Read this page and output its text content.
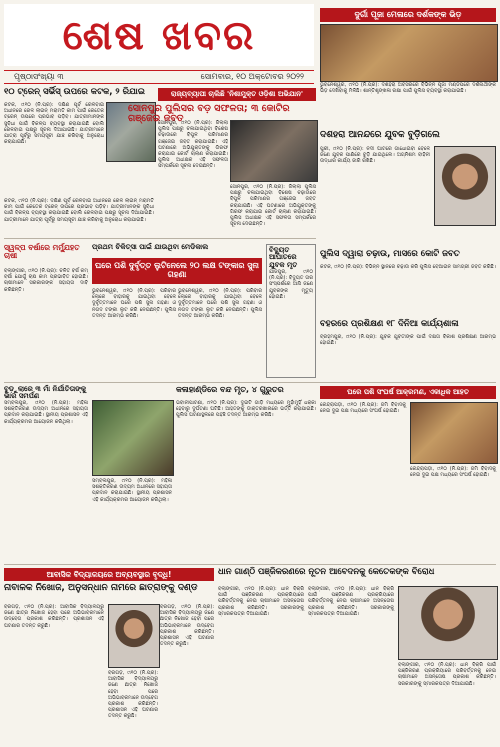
ଶେଷ ଖବର
ପୃଷ୍ଠାସଂଖ୍ୟା ୩	ସୋମବାର, ୧୦ ଅକ୍ଟୋବର ୨୦୨୨
ଦୁର୍ଗା ପୂଜା ମେଳାରେ ଦର୍ଶକଙ୍କ ଭିଡ଼
ଭୁବନେଶ୍ୱର, ୯ା୧୦ (ନି.ପ୍ର): ଦଶହରା ଅବସରରେ ବିଭିନ୍ନ ପୂଜା ମଣ୍ଡପରେ ଦର୍ଶନାର୍ଥୀଙ୍କ ଭିଡ଼ ଦେଖିବାକୁ ମିଳିଛି। ଶାନ୍ତିଶୃଙ୍ଖଳା ରକ୍ଷା ପାଇଁ ପୁଲିସ ବ୍ୟବସ୍ଥା କରାଯାଇଛି।
ଦଶହରା ଆନନ୍ଦରେ ଯୁବକ ବୁଡ଼ିଗଲେ
ପୁରୀ, ୯ା୧୦ (ନି.ପ୍ର): ନଦୀ ଘାଟରେ ଗାଧୋଇବା ବେଳେ ଜଣେ ଯୁବକ ପାଣିରେ ବୁଡ଼ି ଯାଇଥିଲେ। ଅଗ୍ନିଶମ ବାହିନୀ ଉଦ୍ଧାର କାର୍ଯ୍ୟ ଜାରି ରଖିଛି।
ପୁଲିସ ଦ୍ୱାରା ଚଢ଼ାଉ, ମାସରେ କୋଟି ଜବତ
କଟକ, ୯ା୧୦ (ନି.ପ୍ର): ବିଭିନ୍ନ ସ୍ଥାନରେ ଚଢ଼ାଉ କରି ପୁଲିସ ବେଆଇନ ସାମଗ୍ରୀ ଜବତ କରିଛି।
ବହରରେ ପ୍ରଶିକ୍ଷଣ ୧୮ ଦିନିଆ କାର୍ଯ୍ୟଶାଳା
ବ୍ରହ୍ମପୁର, ୯ା୧୦ (ନି.ପ୍ର): ଯୁବକ ଯୁବତୀଙ୍କ ପାଇଁ ଦକ୍ଷତା ବିକାଶ ପ୍ରଶିକ୍ଷଣ ଆରମ୍ଭ ହୋଇଛି।
୧୦ ଟ୍ରେନ୍ ସର୍ଭିସ୍ ଉପରେ କଟକ, ୨ ରିଯାଇ
କଟକ, ୯ା୧୦ (ନି.ପ୍ର): ଦକ୍ଷିଣ ପୂର୍ବ ରେଳବାଇ ଅଧୀନରେ ରେଳ ଲାଇନ୍ ମରାମତି କାମ ପାଇଁ କେତେକ ଟ୍ରେନ୍ ଉପରେ ପ୍ରଭାବ ପଡ଼ିବ। ଯାତ୍ରୀମାନଙ୍କ ସୁବିଧା ପାଇଁ ବିକଳ୍ପ ବ୍ୟବସ୍ଥା କରାଯାଇଛି ବୋଲି ରେଳବାଇ ପକ୍ଷରୁ ସୂଚନା ଦିଆଯାଇଛି। ଯାତ୍ରୀମାନେ ଯାତ୍ରା ପୂର୍ବରୁ ସମୟସୂଚୀ ଯାଞ୍ଚ କରିବାକୁ ଅନୁରୋଧ କରାଯାଇଛି।
ରାଜ୍ୟବ୍ୟାପୀ ଚାଲିଛି 'ନିଶାମୁକ୍ତ ଓଡ଼ିଶା ଅଭିଯାନ'
ସୋନପୁର ପୁଲିସର ବଡ଼ ସଫଳତା; ୩ କୋଟିର ଗଞ୍ଜେଇ ଜବତ
ସୋନପୁର, ୯ା୧୦ (ନି.ପ୍ର): ଜିଲ୍ଲା ପୁଲିସ ପକ୍ଷରୁ ଚଳାଯାଇଥିବା ବିଶେଷ ଚଢ଼ାଉରେ ବିପୁଳ ପରିମାଣର ଗଞ୍ଜେଇ ଜବତ କରାଯାଇଛି। ଏହି ଘଟଣାରେ ଅଭିଯୁକ୍ତଙ୍କୁ ଗିରଫ କରାଯାଇ କୋର୍ଟ ଚାଲାଣ କରାଯାଇଛି। ପୁଲିସ ଅଧୀକ୍ଷକ ଏହି ସଫଳତା ସମ୍ପର୍କରେ ସୂଚନା ଦେଇଛନ୍ତି।
ସୋନପୁର, ୯ା୧୦ (ନି.ପ୍ର): ଜିଲ୍ଲା ପୁଲିସ ପକ୍ଷରୁ ଚଳାଯାଇଥିବା ବିଶେଷ ଚଢ଼ାଉରେ ବିପୁଳ ପରିମାଣର ଗଞ୍ଜେଇ ଜବତ କରାଯାଇଛି। ଏହି ଘଟଣାରେ ଅଭିଯୁକ୍ତଙ୍କୁ ଗିରଫ କରାଯାଇ କୋର୍ଟ ଚାଲାଣ କରାଯାଇଛି। ପୁଲିସ ଅଧୀକ୍ଷକ ଏହି ସଫଳତା ସମ୍ପର୍କରେ ସୂଚନା ଦେଇଛନ୍ତି।
କଟକ, ୯ା୧୦ (ନି.ପ୍ର): ଦକ୍ଷିଣ ପୂର୍ବ ରେଳବାଇ ଅଧୀନରେ ରେଳ ଲାଇନ୍ ମରାମତି କାମ ପାଇଁ କେତେକ ଟ୍ରେନ୍ ଉପରେ ପ୍ରଭାବ ପଡ଼ିବ। ଯାତ୍ରୀମାନଙ୍କ ସୁବିଧା ପାଇଁ ବିକଳ୍ପ ବ୍ୟବସ୍ଥା କରାଯାଇଛି ବୋଲି ରେଳବାଇ ପକ୍ଷରୁ ସୂଚନା ଦିଆଯାଇଛି। ଯାତ୍ରୀମାନେ ଯାତ୍ରା ପୂର୍ବରୁ ସମୟସୂଚୀ ଯାଞ୍ଚ କରିବାକୁ ଅନୁରୋଧ କରାଯାଇଛି।
ସ୍ୱଳ୍ପ ବର୍ଷାରେ ମର୍ମ୍ଯୁହତ ଚାଷୀ
ବଲାଙ୍ଗୀର, ୯ା୧୦ (ନି.ପ୍ର): ଚଳିତ ବର୍ଷ କମ୍ ବର୍ଷା ଯୋଗୁଁ ଚାଷ କାମ ପ୍ରଭାବିତ ହୋଇଛି। ଚାଷୀମାନେ ସରକାରଙ୍କ ସହାୟତା ଦାବି କରିଛନ୍ତି।
ପ୍ରଥମ ଚିକିତ୍ସା ପାଇଁ ଯାଉଥିବା ମେଡିକାଲ
ଘରେ ପଶି ଦୁର୍ବୃତ୍ତ ଲୁଟିନେଲେ ୨୦ ଲକ୍ଷ ଟଙ୍କାର ସୁନା ଗହଣା
ଭୁବନେଶ୍ୱର, ୯ା୧୦ (ନି.ପ୍ର): ପରିବାର ଲୋକେ ବାହାରକୁ ଯାଇଥିବା ବେଳେ ଦୁର୍ବୃତ୍ତମାନେ ଘରେ ପଶି ସୁନା ଗହଣା ଓ ନଗଦ ଟଙ୍କା ଲୁଟ କରି ନେଇଛନ୍ତି। ପୁଲିସ ତଦନ୍ତ ଆରମ୍ଭ କରିଛି।
ଭୁବନେଶ୍ୱର, ୯ା୧୦ (ନି.ପ୍ର): ପରିବାର ଲୋକେ ବାହାରକୁ ଯାଇଥିବା ବେଳେ ଦୁର୍ବୃତ୍ତମାନେ ଘରେ ପଶି ସୁନା ଗହଣା ଓ ନଗଦ ଟଙ୍କା ଲୁଟ କରି ନେଇଛନ୍ତି। ପୁଲିସ ତଦନ୍ତ ଆରମ୍ଭ କରିଛି।
ବିଦ୍ୟୁତ ଆଘାତରେ ଯୁବକ ମୃତ
ଯାଜପୁର, ୯ା୧୦ (ନି.ପ୍ର): ବିଦ୍ୟୁତ ତାର ସଂସ୍ପର୍ଶରେ ଆସି ଜଣେ ଯୁବକଙ୍କ ମୃତ୍ୟୁ ହୋଇଛି।
ବୁଡ଼ୁଲାରେ ୩ ମାଁ ନିର୍ଯାତିତାଙ୍କୁ ଭାର ସମର୍ପଣ
ସମ୍ବଲପୁର, ୯ା୧୦ (ନି.ପ୍ର): ମହିଳା ସଶକ୍ତିକରଣ ଉଦ୍ୟମ ଅଧୀନରେ ସହାୟତା ପ୍ରଦାନ କରାଯାଇଛି। ସ୍ଥାନୀୟ ପ୍ରଶାସନ ଏହି କାର୍ଯ୍ୟକ୍ରମର ଆୟୋଜନ କରିଥିଲା।
ସମ୍ବଲପୁର, ୯ା୧୦ (ନି.ପ୍ର): ମହିଳା ସଶକ୍ତିକରଣ ଉଦ୍ୟମ ଅଧୀନରେ ସହାୟତା ପ୍ରଦାନ କରାଯାଇଛି। ସ୍ଥାନୀୟ ପ୍ରଶାସନ ଏହି କାର୍ଯ୍ୟକ୍ରମର ଆୟୋଜନ କରିଥିଲା।
କଳାହାଣ୍ଡିରେ ବନ୍ଦ ମୃତ, ୪ ଗୁରୁତର
ଭବାନୀପାଟଣା, ୯ା୧୦ (ନି.ପ୍ର): ଦୁଇଟି ଗାଡ଼ି ମଧ୍ୟରେ ମୁହାଁମୁହିଁ ଧକ୍କା ହେବାରୁ ଦୁର୍ଘଟଣା ଘଟିଛି। ଆହତଙ୍କୁ ଡାକ୍ତରଖାନାରେ ଭର୍ତ୍ତି କରାଯାଇଛି। ପୁଲିସ ଘଟଣାସ୍ଥଳରେ ପହଞ୍ଚି ତଦନ୍ତ ଆରମ୍ଭ କରିଛି।
ଘରେ ପଶି ସଂଘର୍ଷ ଆକ୍ରମଣ, ଏକାଧିକ ଆହତ
କେନ୍ଦ୍ରାପଡ଼ା, ୯ା୧୦ (ନି.ପ୍ର): ଜମି ବିବାଦକୁ ନେଇ ଦୁଇ ପକ୍ଷ ମଧ୍ୟରେ ସଂଘର୍ଷ ହୋଇଛି।
କେନ୍ଦ୍ରାପଡ଼ା, ୯ା୧୦ (ନି.ପ୍ର): ଜମି ବିବାଦକୁ ନେଇ ଦୁଇ ପକ୍ଷ ମଧ୍ୟରେ ସଂଘର୍ଷ ହୋଇଛି।
ଆବାସିକ ବିଦ୍ୟାଳୟରେ ଅବ୍ୟବସ୍ଥାର ବୃଦ୍ଧି!
ନାବାଳକ ନିଖୋଜ, ଅନୁସନ୍ଧାନ ନାମରେ ଛାତ୍ରାଙ୍କୁ ଦଣ୍ଡ
ବରଗଡ଼, ୯ା୧୦ (ନି.ପ୍ର): ଆବାସିକ ବିଦ୍ୟାଳୟରୁ ଜଣେ ଛାତ୍ର ନିଖୋଜ ହେବା ପରେ ଅଭିଭାବକମାନେ ଉଦ୍‌ବେଗ ପ୍ରକାଶ କରିଛନ୍ତି। ପ୍ରଶାସନ ଏହି ଘଟଣାର ତଦନ୍ତ କରୁଛି।
ବରଗଡ଼, ୯ା୧୦ (ନି.ପ୍ର): ଆବାସିକ ବିଦ୍ୟାଳୟରୁ ଜଣେ ଛାତ୍ର ନିଖୋଜ ହେବା ପରେ ଅଭିଭାବକମାନେ ଉଦ୍‌ବେଗ ପ୍ରକାଶ କରିଛନ୍ତି। ପ୍ରଶାସନ ଏହି ଘଟଣାର ତଦନ୍ତ କରୁଛି।
ବରଗଡ଼, ୯ା୧୦ (ନି.ପ୍ର): ଆବାସିକ ବିଦ୍ୟାଳୟରୁ ଜଣେ ଛାତ୍ର ନିଖୋଜ ହେବା ପରେ ଅଭିଭାବକମାନେ ଉଦ୍‌ବେଗ ପ୍ରକାଶ କରିଛନ୍ତି। ପ୍ରଶାସନ ଏହି ଘଟଣାର ତଦନ୍ତ କରୁଛି।
ଧାନ ଗାଣ୍ଠି ପଞ୍ଜିକରଣରେ ନୂତନ ଆବେଦନକୁ କେତେକଙ୍କ ବିରୋଧ
ବଲାଙ୍ଗୀର, ୯ା୧୦ (ନି.ପ୍ର): ଧାନ ବିକ୍ରି ପାଇଁ ପଞ୍ଜିକରଣ ପ୍ରକ୍ରିୟାରେ ପରିବର୍ତ୍ତନକୁ ନେଇ ଚାଷୀମାନେ ଅସନ୍ତୋଷ ପ୍ରକାଶ କରିଛନ୍ତି। ସରକାରଙ୍କୁ ସ୍ମାରକପତ୍ର ଦିଆଯାଇଛି।
ବଲାଙ୍ଗୀର, ୯ା୧୦ (ନି.ପ୍ର): ଧାନ ବିକ୍ରି ପାଇଁ ପଞ୍ଜିକରଣ ପ୍ରକ୍ରିୟାରେ ପରିବର୍ତ୍ତନକୁ ନେଇ ଚାଷୀମାନେ ଅସନ୍ତୋଷ ପ୍ରକାଶ କରିଛନ୍ତି। ସରକାରଙ୍କୁ ସ୍ମାରକପତ୍ର ଦିଆଯାଇଛି।
ବଲାଙ୍ଗୀର, ୯ା୧୦ (ନି.ପ୍ର): ଧାନ ବିକ୍ରି ପାଇଁ ପଞ୍ଜିକରଣ ପ୍ରକ୍ରିୟାରେ ପରିବର୍ତ୍ତନକୁ ନେଇ ଚାଷୀମାନେ ଅସନ୍ତୋଷ ପ୍ରକାଶ କରିଛନ୍ତି। ସରକାରଙ୍କୁ ସ୍ମାରକପତ୍ର ଦିଆଯାଇଛି।
